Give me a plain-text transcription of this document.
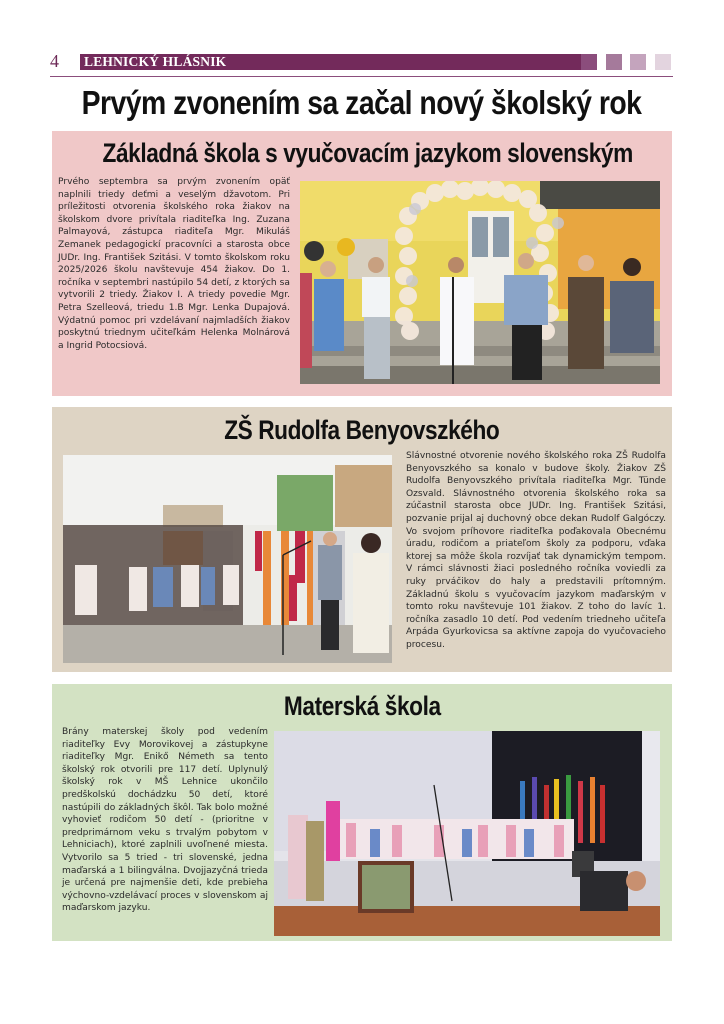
4 LEHNICKÝ HLÁSNIK
Prvým zvonením sa začal nový školský rok
Základná škola s vyučovacím jazykom slovenským

Prvého septembra sa prvým zvonením opäť naplnili triedy deťmi a veselým džavotom. Pri príležitosti otvorenia školského roka žiakov na školskom dvore privítala riaditeľka Ing. Zuzana Palmayová, zástupca riaditeľa Mgr. Mikuláš Zemanek pedagogickí pracovníci a starosta obce JUDr. Ing. František Szitási. V tomto školskom roku 2025/2026 školu navštevuje 454 žiakov. Do 1. ročníka v septembri nastúpilo 54 detí, z ktorých sa vytvorili 2 triedy. Žiakov I. A triedy povedie Mgr. Petra Szelleová, triedu 1.B Mgr. Lenka Dupajová. Výdatnú pomoc pri vzdelávaní najmladších žiakov poskytnú triednym učiteľkám Helenka Molnárová a Ingrid Potocsiová.

ZŠ Rudolfa Benyovszkého

Slávnostné otvorenie nového školského roka ZŠ Rudolfa Benyovszkého sa konalo v budove školy. Žiakov ZŠ Rudolfa Benyovszkého privítala riaditeľka Mgr. Tünde Ozsvald. Slávnostného otvorenia školského roka sa zúčastnil starosta obce JUDr. Ing. František Szitási, pozvanie prijal aj duchovný obce dekan Rudolf Galgóczy. Vo svojom príhovore riaditeľka poďakovala Obecnému úradu, rodičom a priateľom školy za podporu, vďaka ktorej sa môže škola rozvíjať tak dynamickým tempom. V rámci slávnosti žiaci posledného ročníka voviedli za ruky prváčikov do haly a predstavili prítomným. Základnú školu s vyučovacím jazykom maďarským v tomto roku navštevuje 101 žiakov. Z toho do lavíc 1. ročníka zasadlo 10 detí. Pod vedením triedneho učiteľa Arpáda Gyurkovicsa sa aktívne zapoja do vyučovacieho procesu.

Materská škola

Brány materskej školy pod vedením riaditeľky Evy Morovikovej a zástupkyne riaditeľky Mgr. Enikő Németh sa tento školský rok otvorili pre 117 detí. Uplynulý školský rok v MŠ Lehnice ukončilo predškolskú dochádzku 50 detí, ktoré nastúpili do základných škôl. Tak bolo možné vyhovieť rodičom 50 detí - (prioritne v predprimárnom veku s trvalým pobytom v Lehniciach), ktoré zaplnili uvoľnené miesta. Vytvorilo sa 5 tried - tri slovenské, jedna maďarská a 1 bilingválna. Dvojjazyčná trieda je určená pre najmenšie deti, kde prebieha výchovno-vzdelávací proces v slovenskom aj maďarskom jazyku.
